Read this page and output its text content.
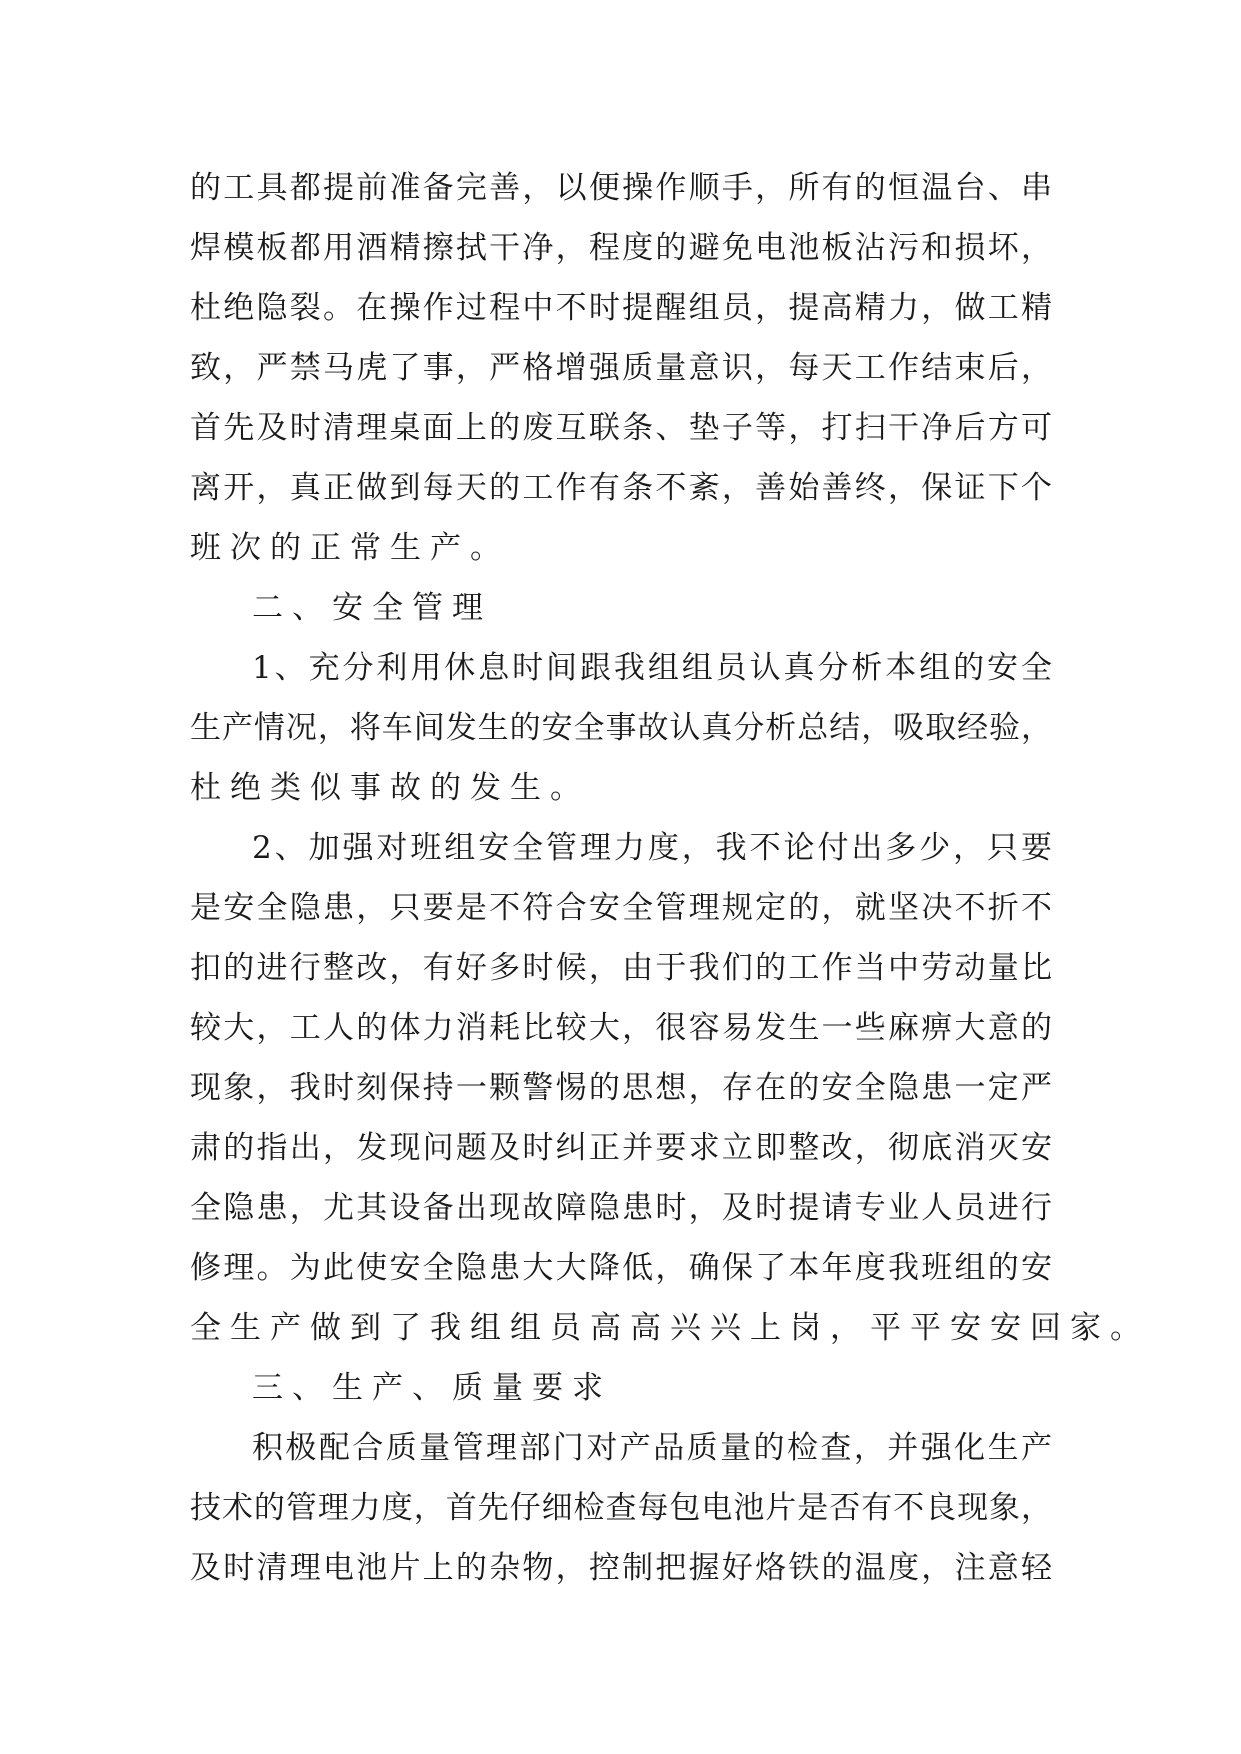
的工具都提前准备完善，以便操作顺手，所有的恒温台、串
焊模板都用酒精擦拭干净，程度的避免电池板沾污和损坏，
杜绝隐裂。在操作过程中不时提醒组员，提高精力，做工精
致，严禁马虎了事，严格增强质量意识，每天工作结束后，
首先及时清理桌面上的废互联条、垫子等，打扫干净后方可
离开，真正做到每天的工作有条不紊，善始善终，保证下个
班次的正常生产。
二、安全管理
1、充分利用休息时间跟我组组员认真分析本组的安全
生产情况，将车间发生的安全事故认真分析总结，吸取经验，
杜绝类似事故的发生。
2、加强对班组安全管理力度，我不论付出多少，只要
是安全隐患，只要是不符合安全管理规定的，就坚决不折不
扣的进行整改，有好多时候，由于我们的工作当中劳动量比
较大，工人的体力消耗比较大，很容易发生一些麻痹大意的
现象，我时刻保持一颗警惕的思想，存在的安全隐患一定严
肃的指出，发现问题及时纠正并要求立即整改，彻底消灭安
全隐患，尤其设备出现故障隐患时，及时提请专业人员进行
修理。为此使安全隐患大大降低，确保了本年度我班组的安
全生产做到了我组组员高高兴兴上岗，平平安安回家。
三、生产、质量要求
积极配合质量管理部门对产品质量的检查，并强化生产
技术的管理力度，首先仔细检查每包电池片是否有不良现象，
及时清理电池片上的杂物，控制把握好烙铁的温度，注意轻
